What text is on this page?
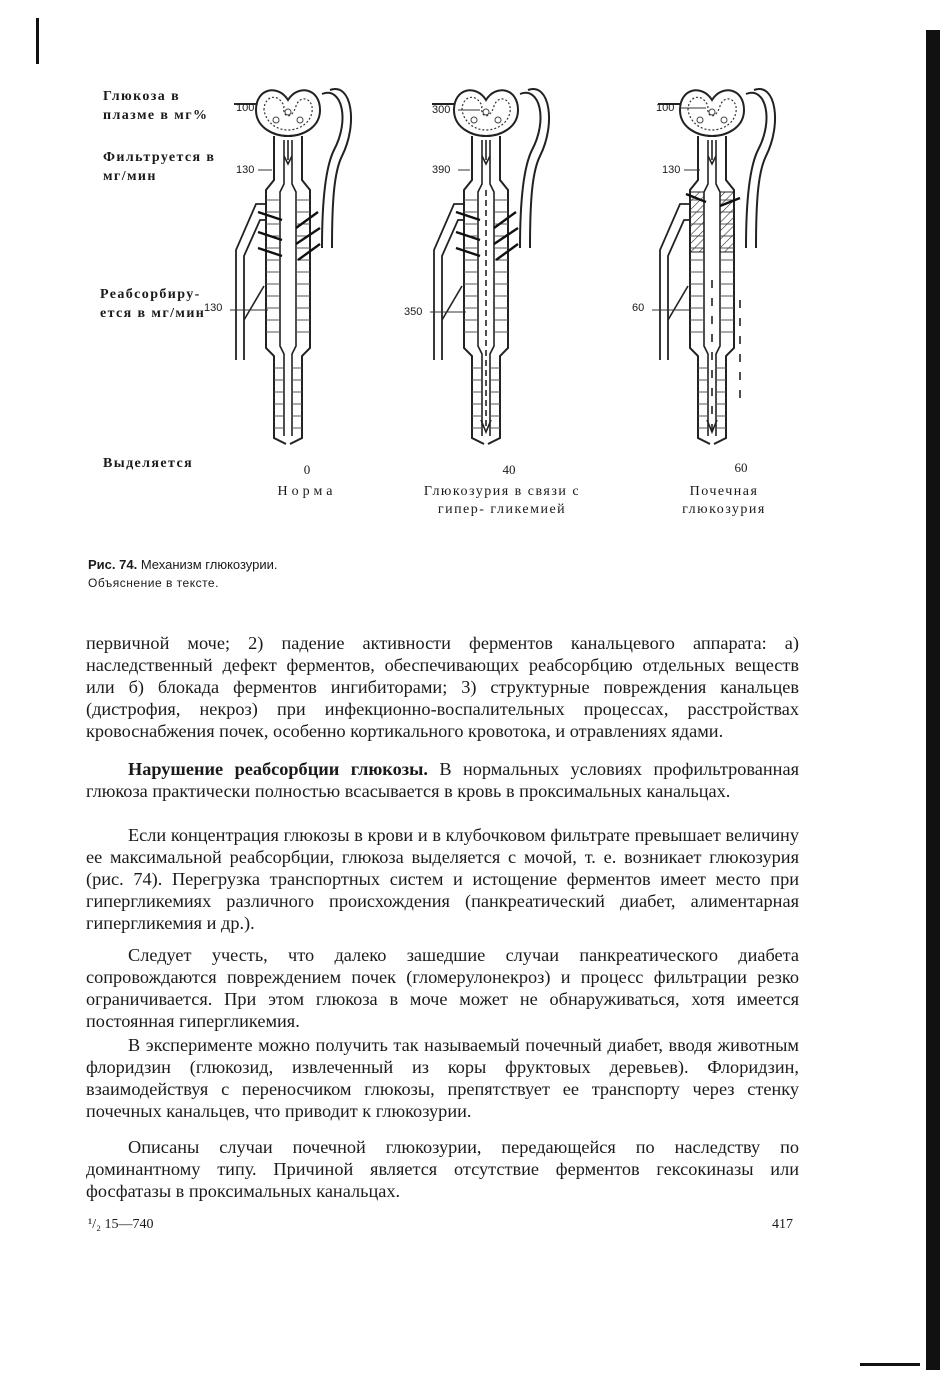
Глюкоза в плазме в мг%
Фильтруется в мг/мин
Реабсорбиру- ется в мг/мин
Выделяется
100
130
130
300
390
350
100
130
60
0	40	60
Норма	Глюкозурия в связи с гипер- гликемией
Почечная глюкозурия
Рис. 74. Механизм глюкозурии.
Объяснение в тексте.

первичной моче; 2) падение активности ферментов канальцевого аппарата: а) наследственный дефект ферментов, обеспечивающих реабсорбцию отдельных веществ или б) блокада ферментов ингибиторами; 3) структурные повреждения канальцев (дистрофия, некроз) при инфекционно-воспалительных процессах, расстройствах кровоснабжения почек, особенно кортикального кровотока, и отравлениях ядами.

Нарушение реабсорбции глюкозы. В нормальных условиях профильтрованная глюкоза практически полностью всасывается в кровь в проксимальных канальцах.

Если концентрация глюкозы в крови и в клубочковом фильтрате превышает величину ее максимальной реабсорбции, глюкоза выделяется с мочой, т. е. возникает глюкозурия (рис. 74). Перегрузка транспортных систем и истощение ферментов имеет место при гипергликемиях различного происхождения (панкреатический диабет, алиментарная гипергликемия и др.).

Следует учесть, что далеко зашедшие случаи панкреатического диабета сопровождаются повреждением почек (гломерулонекроз) и процесс фильтрации резко ограничивается. При этом глюкоза в моче может не обнаруживаться, хотя имеется постоянная гипергликемия.

В эксперименте можно получить так называемый почечный диабет, вводя животным флоридзин (глюкозид, извлеченный из коры фруктовых деревьев). Флоридзин, взаимодействуя с переносчиком глюкозы, препятствует ее транспорту через стенку почечных канальцев, что приводит к глюкозурии.

Описаны случаи почечной глюкозурии, передающейся по наследству по доминантному типу. Причиной является отсутствие ферментов гексокиназы или фосфатазы в проксимальных канальцах.

¹/₂ 15—740	417
